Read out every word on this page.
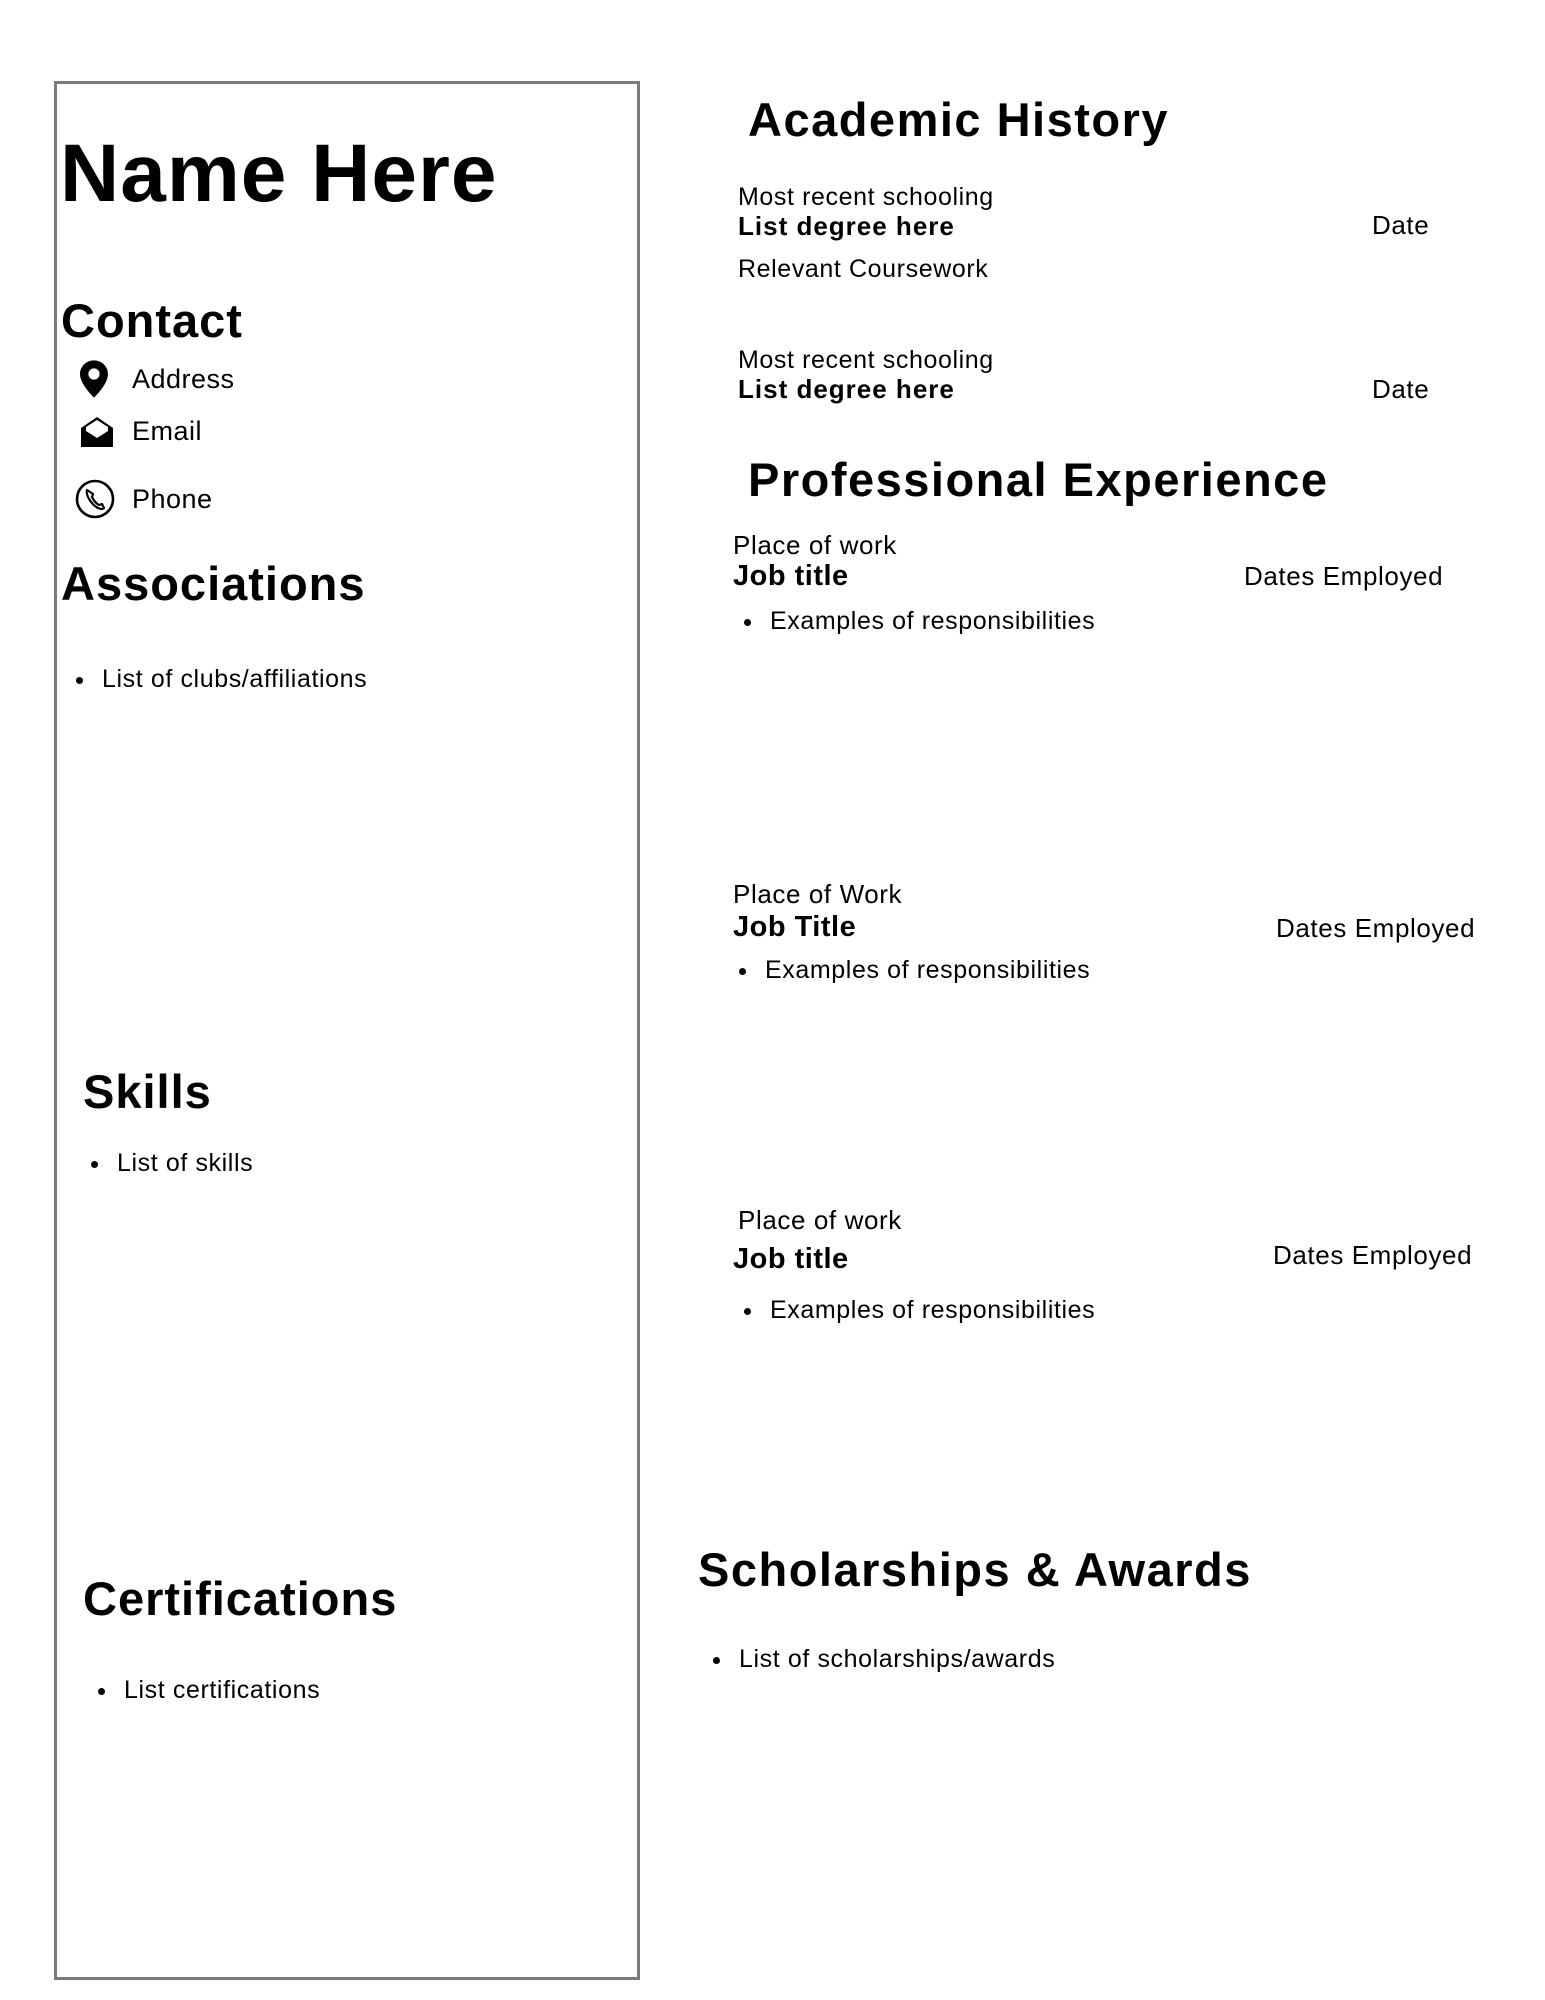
Name Here
Contact
Address
Email
Phone
Associations
List of clubs/affiliations
Skills
List of skills
Certifications
List certifications
Academic History
Most recent schooling
List degree here	Date
Relevant Coursework
Most recent schooling
List degree here	Date
Professional Experience
Place of work
Job title	Dates Employed
Examples of responsibilities
Place of Work
Job Title	Dates Employed
Examples of responsibilities
Place of work
Job title	Dates Employed
Examples of responsibilities
Scholarships & Awards
List of scholarships/awards
